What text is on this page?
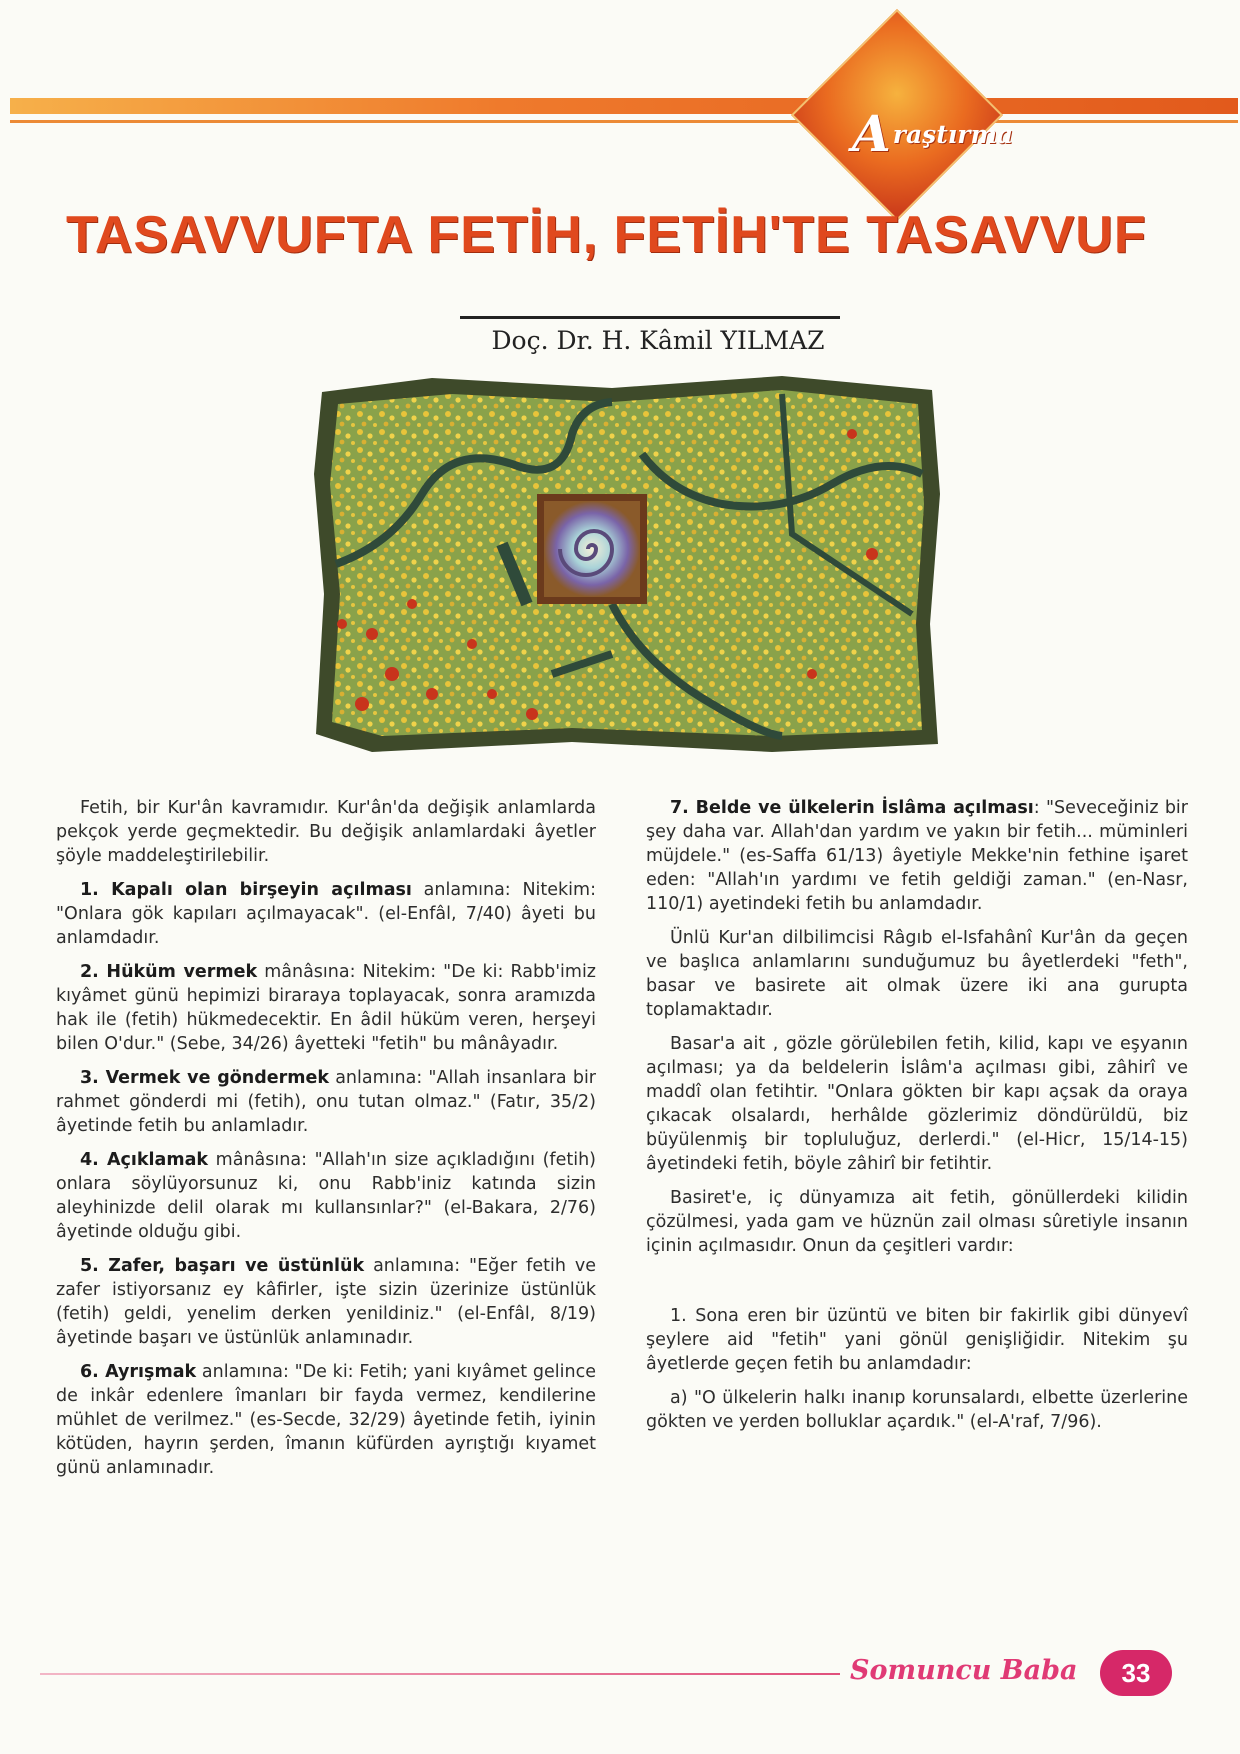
Araştırma
TASAVVUFTA FETİH, FETİH'TE TASAVVUF
Doç. Dr. H. Kâmil YILMAZ

Fetih, bir Kur'ân kavramıdır. Kur'ân'da değişik anlamlarda pekçok yerde geçmektedir. Bu değişik anlamlardaki âyetler şöyle maddeleştirilebilir.

1. Kapalı olan birşeyin açılması anlamına: Nitekim: "Onlara gök kapıları açılmayacak". (el-Enfâl, 7/40) âyeti bu anlamdadır.

2. Hüküm vermek mânâsına: Nitekim: "De ki: Rabb'imiz kıyâmet günü hepimizi biraraya toplayacak, sonra aramızda hak ile (fetih) hükmedecektir. En âdil hüküm veren, herşeyi bilen O'dur." (Sebe, 34/26) âyetteki "fetih" bu mânâyadır.

3. Vermek ve göndermek anlamına: "Allah insanlara bir rahmet gönderdi mi (fetih), onu tutan olmaz." (Fatır, 35/2) âyetinde fetih bu anlamladır.

4. Açıklamak mânâsına: "Allah'ın size açıkladığını (fetih) onlara söylüyorsunuz ki, onu Rabb'iniz katında sizin aleyhinizde delil olarak mı kullansınlar?" (el-Bakara, 2/76) âyetinde olduğu gibi.

5. Zafer, başarı ve üstünlük anlamına: "Eğer fetih ve zafer istiyorsanız ey kâfirler, işte sizin üzerinize üstünlük (fetih) geldi, yenelim derken yenildiniz." (el-Enfâl, 8/19) âyetinde başarı ve üstünlük anlamınadır.

6. Ayrışmak anlamına: "De ki: Fetih; yani kıyâmet gelince de inkâr edenlere îmanları bir fayda vermez, kendilerine mühlet de verilmez." (es-Secde, 32/29) âyetinde fetih, iyinin kötüden, hayrın şerden, îmanın küfürden ayrıştığı kıyamet günü anlamınadır.

7. Belde ve ülkelerin İslâma açılması: "Seveceğiniz bir şey daha var. Allah'dan yardım ve yakın bir fetih... müminleri müjdele." (es-Saffa 61/13) âyetiyle Mekke'nin fethine işaret eden: "Allah'ın yardımı ve fetih geldiği zaman." (en-Nasr, 110/1) ayetindeki fetih bu anlamdadır.

Ünlü Kur'an dilbilimcisi Râgıb el-Isfahânî Kur'ân da geçen ve başlıca anlamlarını sunduğumuz bu âyetlerdeki "feth", basar ve basirete ait olmak üzere iki ana gurupta toplamaktadır.

Basar'a ait , gözle görülebilen fetih, kilid, kapı ve eşyanın açılması; ya da beldelerin İslâm'a açılması gibi, zâhirî ve maddî olan fetihtir. "Onlara gökten bir kapı açsak da oraya çıkacak olsalardı, herhâlde gözlerimiz döndürüldü, biz büyülenmiş bir topluluğuz, derlerdi." (el-Hicr, 15/14-15) âyetindeki fetih, böyle zâhirî bir fetihtir.

Basiret'e, iç dünyamıza ait fetih, gönüllerdeki kilidin çözülmesi, yada gam ve hüznün zail olması sûretiyle insanın içinin açılmasıdır. Onun da çeşitleri vardır:

1. Sona eren bir üzüntü ve biten bir fakirlik gibi dünyevî şeylere aid "fetih" yani gönül genişliğidir. Nitekim şu âyetlerde geçen fetih bu anlamdadır:

a) "O ülkelerin halkı inanıp korunsalardı, elbette üzerlerine gökten ve yerden bolluklar açardık." (el-A'raf, 7/96).

Somuncu Baba	33
